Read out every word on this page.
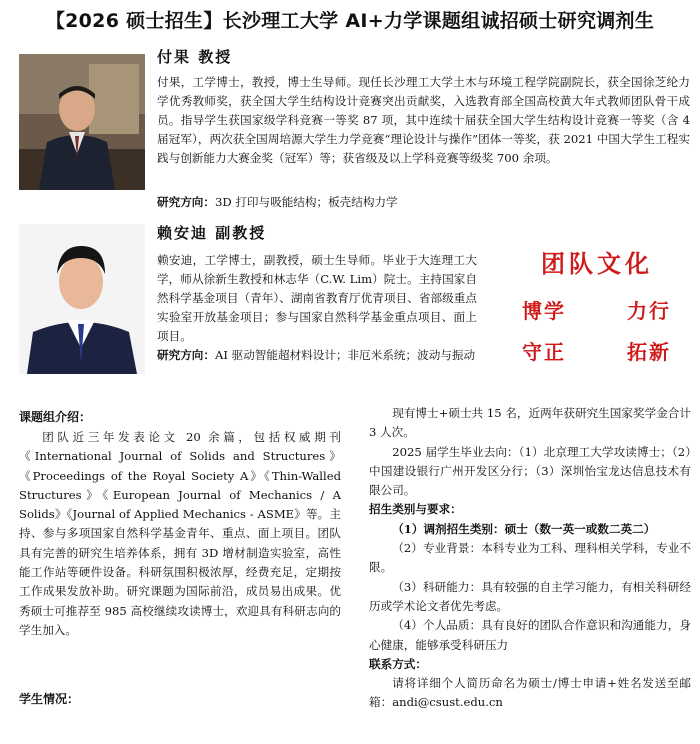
【2026 硕士招生】长沙理工大学 AI+力学课题组诚招硕士研究调剂生
付果 教授
付果，工学博士，教授，博士生导师。现任长沙理工大学土木与环境工程学院副院长，获全国徐芝纶力学优秀教师奖，获全国大学生结构设计竞赛突出贡献奖，入选教育部全国高校黄大年式教师团队骨干成员。指导学生获国家级学科竞赛一等奖 87 项，其中连续十届获全国大学生结构设计竞赛一等奖（含 4 届冠军），两次获全国周培源大学生力学竞赛“理论设计与操作”团体一等奖，获 2021 中国大学生工程实践与创新能力大赛金奖（冠军）等；获省级及以上学科竞赛等级奖 700 余项。
研究方向：3D 打印与吸能结构；板壳结构力学
赖安迪 副教授
赖安迪，工学博士，副教授，硕士生导师。毕业于大连理工大学，师从徐新生教授和林志华（C.W. Lim）院士。主持国家自然科学基金项目（青年）、湖南省教育厅优青项目、省部级重点实验室开放基金项目；参与国家自然科学基金重点项目、面上项目。
研究方向：AI 驱动智能超材料设计；非厄米系统；波动与振动
团队文化
博学	力行
守正	拓新
课题组介绍：

团队近三年发表论文 20 余篇，包括权威期刊《International Journal of Solids and Structures》《Proceedings of the Royal Society A》《Thin-Walled Structures》《European Journal of Mechanics / A Solids》《Journal of Applied Mechanics - ASME》等。主持、参与多项国家自然科学基金青年、重点、面上项目。团队具有完善的研究生培养体系，拥有 3D 增材制造实验室，高性能工作站等硬件设备。科研氛围积极浓厚，经费充足，定期按工作成果发放补助。研究课题为国际前沿，成员易出成果。优秀硕士可推荐至 985 高校继续攻读博士，欢迎具有科研志向的学生加入。

学生情况：

现有博士+硕士共 15 名，近两年获研究生国家奖学金合计 3 人次。

2025 届学生毕业去向：（1）北京理工大学攻读博士；（2）中国建设银行广州开发区分行；（3）深圳怡宝龙达信息技术有限公司。

招生类别与要求：

（1）调剂招生类别：硕士（数一英一或数二英二）

（2）专业背景：本科专业为工科、理科相关学科，专业不限。

（3）科研能力：具有较强的自主学习能力，有相关科研经历或学术论文者优先考虑。

（4）个人品质：具有良好的团队合作意识和沟通能力，身心健康，能够承受科研压力

联系方式：

请将详细个人简历命名为硕士/博士申请+姓名发送至邮箱：andi@csust.edu.cn
